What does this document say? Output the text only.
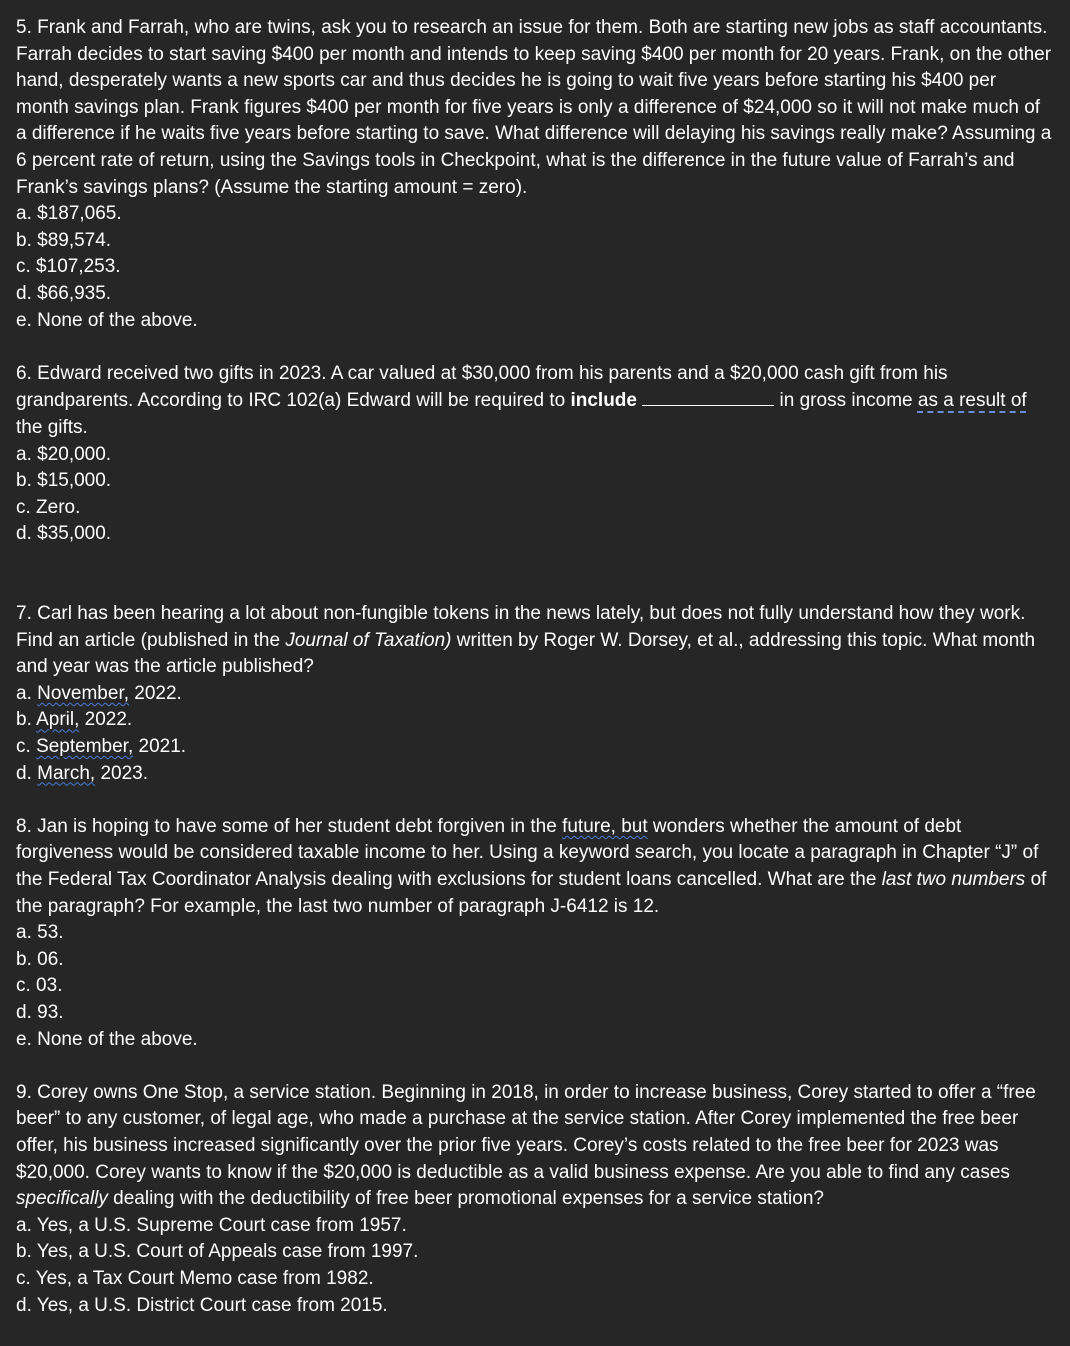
5. Frank and Farrah, who are twins, ask you to research an issue for them. Both are starting new jobs as staff accountants. Farrah decides to start saving $400 per month and intends to keep saving $400 per month for 20 years. Frank, on the other hand, desperately wants a new sports car and thus decides he is going to wait five years before starting his $400 per month savings plan. Frank figures $400 per month for five years is only a difference of $24,000 so it will not make much of a difference if he waits five years before starting to save. What difference will delaying his savings really make? Assuming a 6 percent rate of return, using the Savings tools in Checkpoint, what is the difference in the future value of Farrah’s and Frank’s savings plans? (Assume the starting amount = zero).

a. $187,065.
b. $89,574.
c. $107,253.
d. $66,935.
e. None of the above.

6. Edward received two gifts in 2023. A car valued at $30,000 from his parents and a $20,000 cash gift from his grandparents. According to IRC 102(a) Edward will be required to include	in gross income as a result of the gifts.

a. $20,000.
b. $15,000.
c. Zero.
d. $35,000.

7. Carl has been hearing a lot about non-fungible tokens in the news lately, but does not fully understand how they work. Find an article (published in the Journal of Taxation) written by Roger W. Dorsey, et al., addressing this topic. What month and year was the article published?

a. November, 2022.
b. April, 2022.
c. September, 2021.
d. March, 2023.

8. Jan is hoping to have some of her student debt forgiven in the future, but wonders whether the amount of debt forgiveness would be considered taxable income to her. Using a keyword search, you locate a paragraph in Chapter “J” of the Federal Tax Coordinator Analysis dealing with exclusions for student loans cancelled. What are the last two numbers of the paragraph? For example, the last two number of paragraph J-6412 is 12.

a. 53.
b. 06.
c. 03.
d. 93.
e. None of the above.

9. Corey owns One Stop, a service station. Beginning in 2018, in order to increase business, Corey started to offer a “free beer” to any customer, of legal age, who made a purchase at the service station. After Corey implemented the free beer offer, his business increased significantly over the prior five years. Corey’s costs related to the free beer for 2023 was $20,000. Corey wants to know if the $20,000 is deductible as a valid business expense. Are you able to find any cases specifically dealing with the deductibility of free beer promotional expenses for a service station?

a. Yes, a U.S. Supreme Court case from 1957.
b. Yes, a U.S. Court of Appeals case from 1997.
c. Yes, a Tax Court Memo case from 1982.
d. Yes, a U.S. District Court case from 2015.
